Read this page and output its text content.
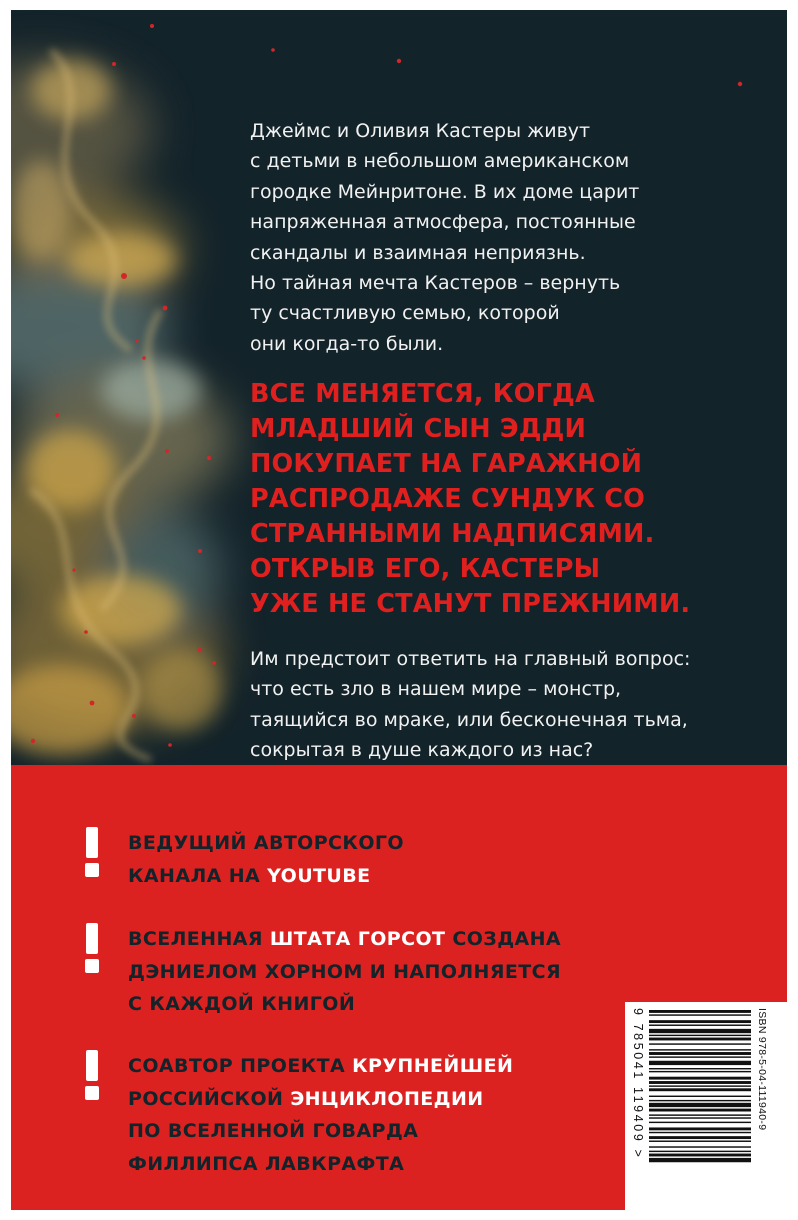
Джеймс и Оливия Кастеры живут
с детьми в небольшом американском
городке Мейнритоне. В их доме царит
напряженная атмосфера, постоянные
скандалы и взаимная неприязнь.
Но тайная мечта Кастеров – вернуть
ту счастливую семью, которой
они когда-то были.

ВСЕ МЕНЯЕТСЯ, КОГДА
МЛАДШИЙ СЫН ЭДДИ
ПОКУПАЕТ НА ГАРАЖНОЙ
РАСПРОДАЖЕ СУНДУК СО
СТРАННЫМИ НАДПИСЯМИ.
ОТКРЫВ ЕГО, КАСТЕРЫ
УЖЕ НЕ СТАНУТ ПРЕЖНИМИ.

Им предстоит ответить на главный вопрос:
что есть зло в нашем мире – монстр,
таящийся во мраке, или бесконечная тьма,
сокрытая в душе каждого из нас?

ВЕДУЩИЙ АВТОРСКОГО
КАНАЛА НА YOUTUBE

ВСЕЛЕННАЯ ШТАТА ГОРСОТ СОЗДАНА
ДЭНИЕЛОМ ХОРНОМ И НАПОЛНЯЕТСЯ
С КАЖДОЙ КНИГОЙ

СОАВТОР ПРОЕКТА КРУПНЕЙШЕЙ
РОССИЙСКОЙ ЭНЦИКЛОПЕДИИ
ПО ВСЕЛЕННОЙ ГОВАРДА
ФИЛЛИПСА ЛАВКРАФТА

9 785041 119409 >	ISBN 978-5-04-111940-9
